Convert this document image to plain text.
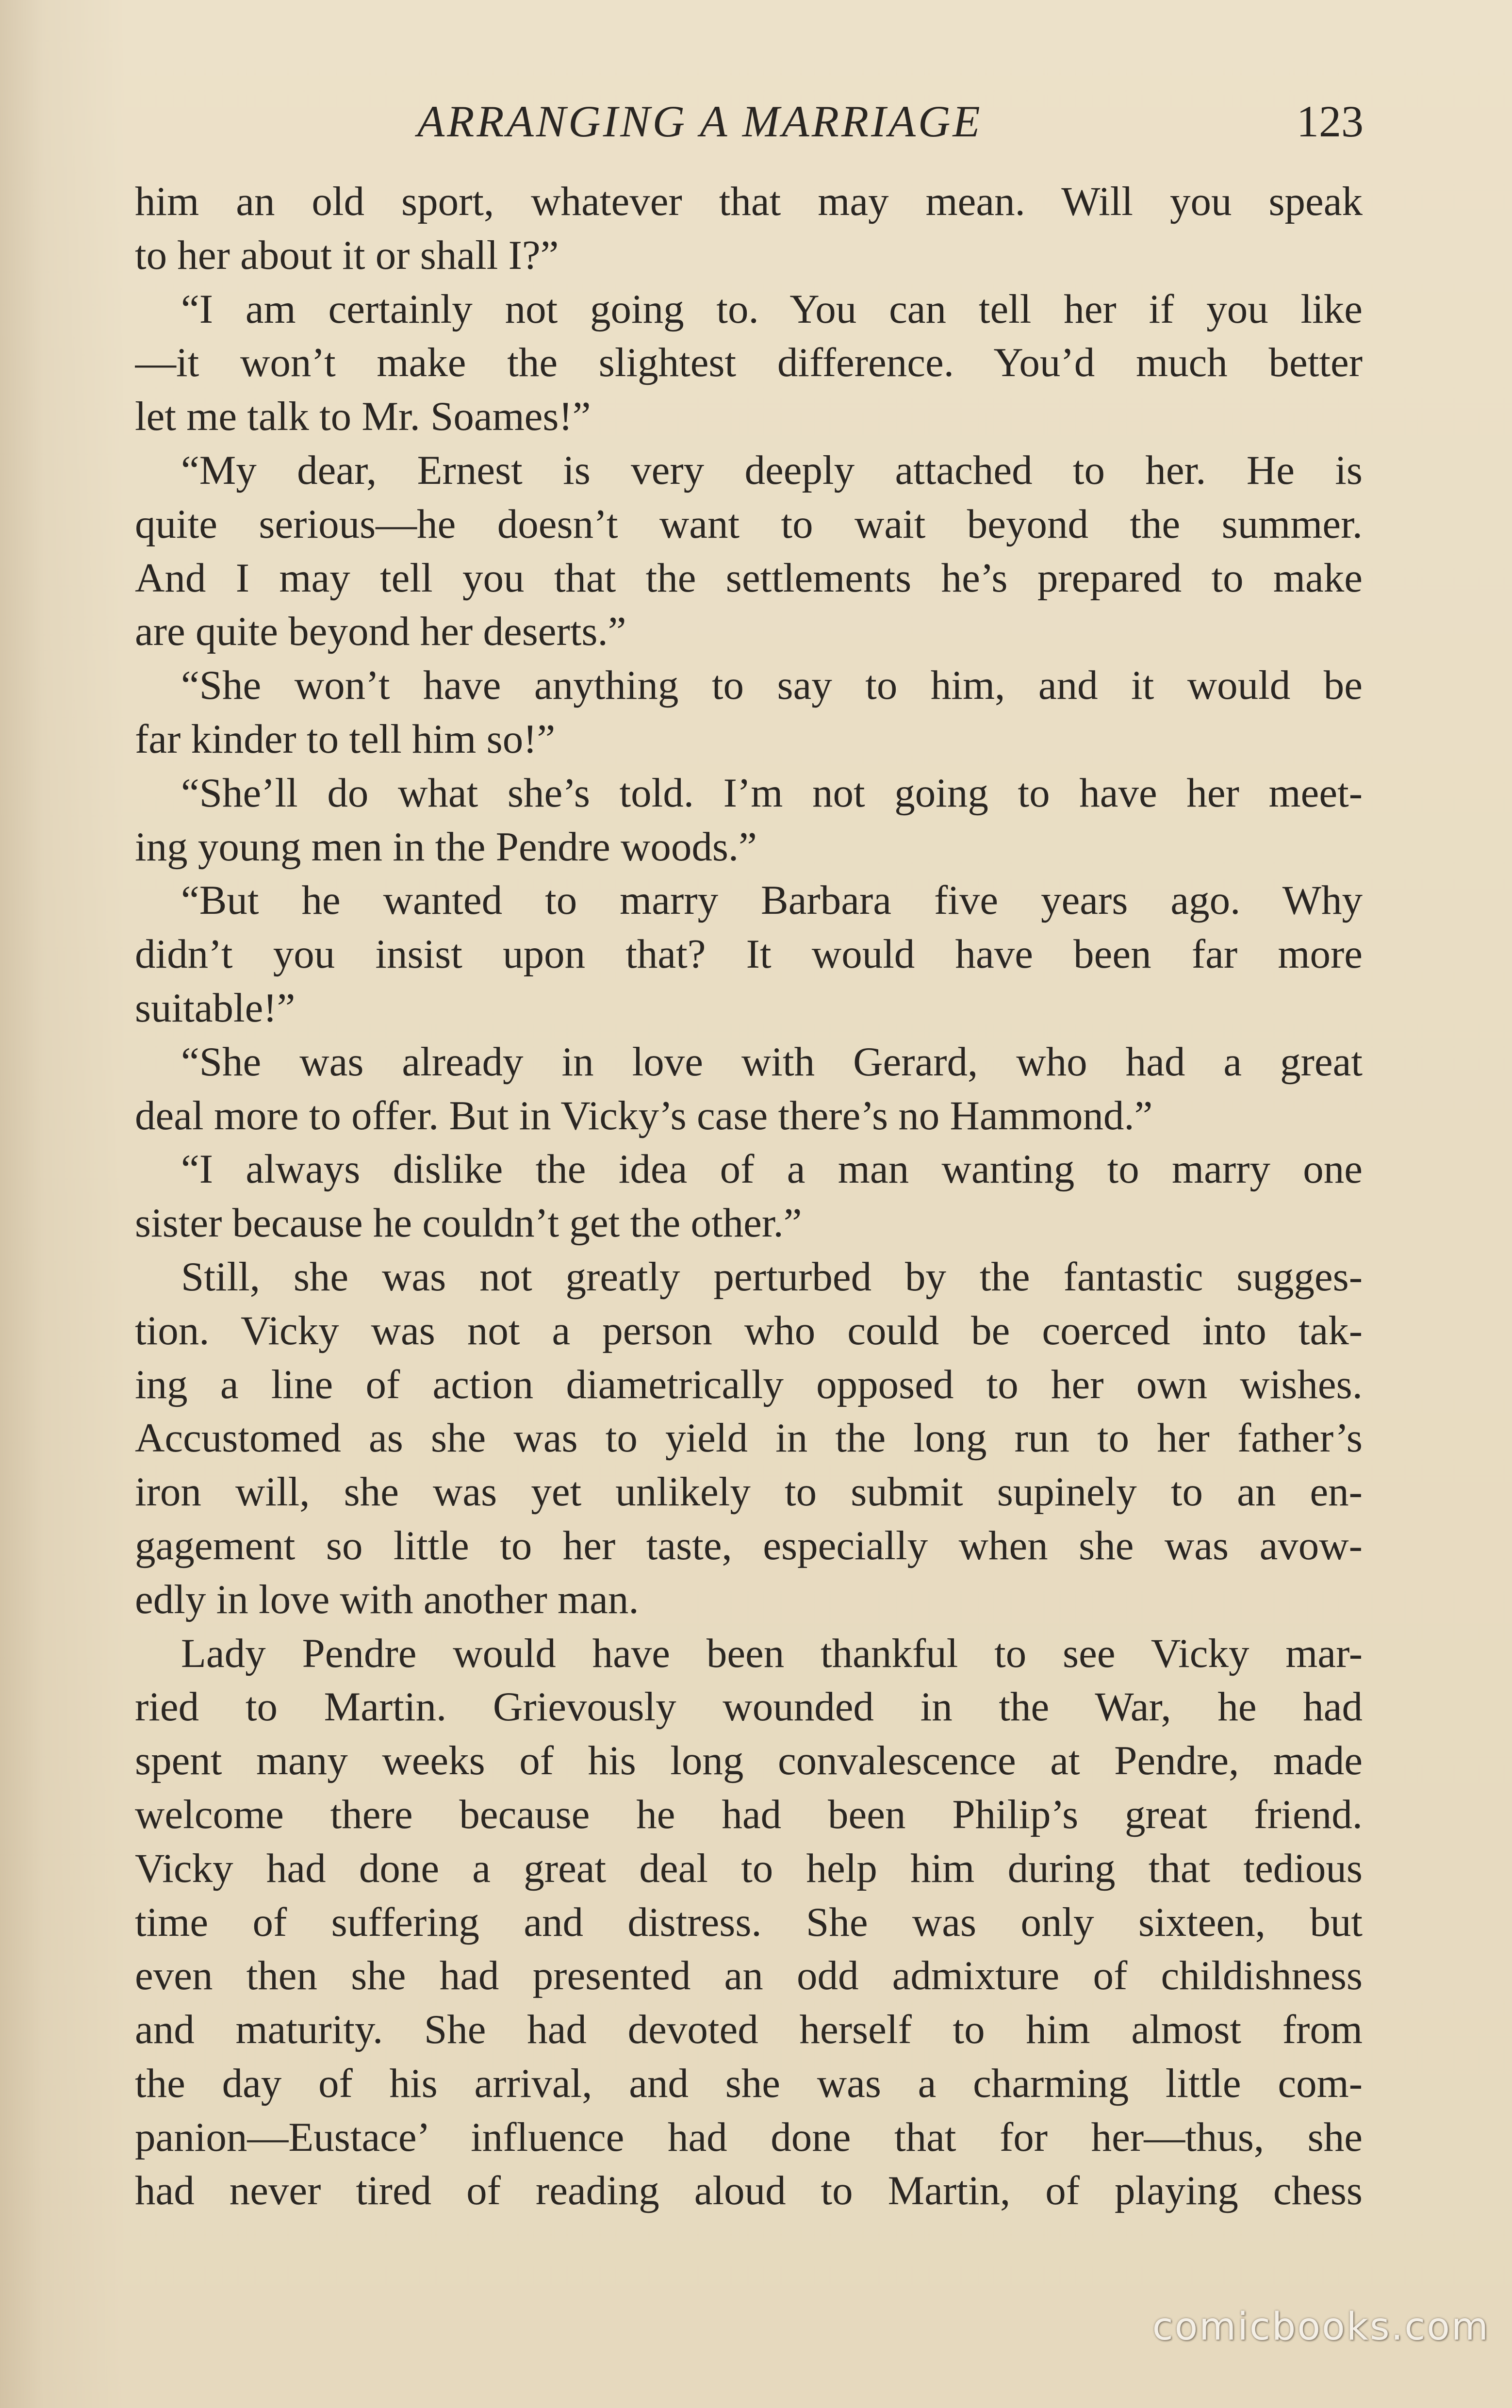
ARRANGING A MARRIAGE	123
him an old sport, whatever that may mean. Will you speak
to her about it or shall I?”
“I am certainly not going to. You can tell her if you like
—it won’t make the slightest difference. You’d much better
let me talk to Mr. Soames!”
“My dear, Ernest is very deeply attached to her. He is
quite serious—he doesn’t want to wait beyond the summer.
And I may tell you that the settlements he’s prepared to make
are quite beyond her deserts.”
“She won’t have anything to say to him, and it would be
far kinder to tell him so!”
“She’ll do what she’s told. I’m not going to have her meet-
ing young men in the Pendre woods.”
“But he wanted to marry Barbara five years ago. Why
didn’t you insist upon that? It would have been far more
suitable!”
“She was already in love with Gerard, who had a great
deal more to offer. But in Vicky’s case there’s no Hammond.”
“I always dislike the idea of a man wanting to marry one
sister because he couldn’t get the other.”
Still, she was not greatly perturbed by the fantastic sugges-
tion. Vicky was not a person who could be coerced into tak-
ing a line of action diametrically opposed to her own wishes.
Accustomed as she was to yield in the long run to her father’s
iron will, she was yet unlikely to submit supinely to an en-
gagement so little to her taste, especially when she was avow-
edly in love with another man.
Lady Pendre would have been thankful to see Vicky mar-
ried to Martin. Grievously wounded in the War, he had
spent many weeks of his long convalescence at Pendre, made
welcome there because he had been Philip’s great friend.
Vicky had done a great deal to help him during that tedious
time of suffering and distress. She was only sixteen, but
even then she had presented an odd admixture of childishness
and maturity. She had devoted herself to him almost from
the day of his arrival, and she was a charming little com-
panion—Eustace’ influence had done that for her—thus, she
had never tired of reading aloud to Martin, of playing chess
comicbooks.com
